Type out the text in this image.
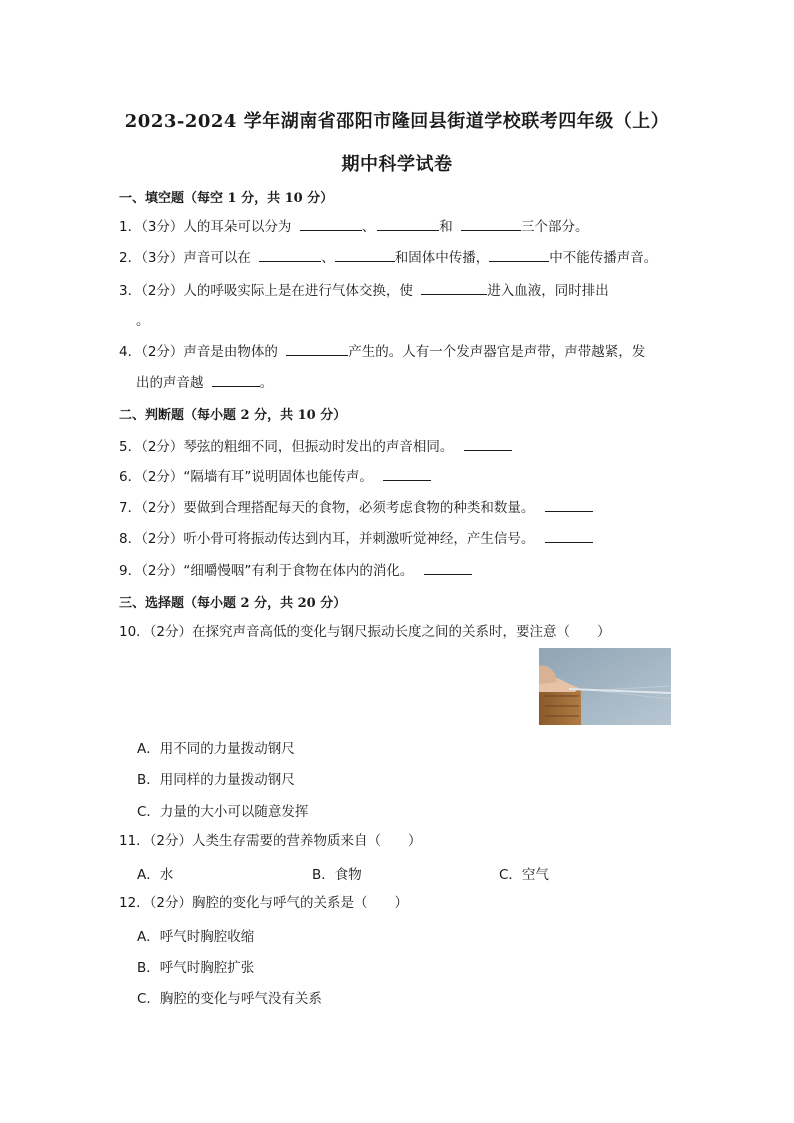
2023-2024 学年湖南省邵阳市隆回县街道学校联考四年级（上）
期中科学试卷
一、填空题（每空 1 分，共 10 分）
1．（3分）人的耳朵可以分为	、	和	三个部分。
2．（3分）声音可以在	、	和固体中传播，	中不能传播声音。
3．（2分）人的呼吸实际上是在进行气体交换，使	进入血液，同时排出
。
4．（2分）声音是由物体的	产生的。人有一个发声器官是声带，声带越紧，发
出的声音越	。
二、判断题（每小题 2 分，共 10 分）
5．（2分）琴弦的粗细不同，但振动时发出的声音相同。
6．（2分）“隔墙有耳”说明固体也能传声。
7．（2分）要做到合理搭配每天的食物，必须考虑食物的种类和数量。
8．（2分）听小骨可将振动传达到内耳，并刺激听觉神经，产生信号。
9．（2分）“细嚼慢咽”有利于食物在体内的消化。
三、选择题（每小题 2 分，共 20 分）
10．（2分）在探究声音高低的变化与钢尺振动长度之间的关系时，要注意（　　）
A．用不同的力量拨动钢尺
B．用同样的力量拨动钢尺
C．力量的大小可以随意发挥
11．（2分）人类生存需要的营养物质来自（　　）
A．水	B．食物	C．空气
12．（2分）胸腔的变化与呼气的关系是（　　）
A．呼气时胸腔收缩
B．呼气时胸腔扩张
C．胸腔的变化与呼气没有关系
